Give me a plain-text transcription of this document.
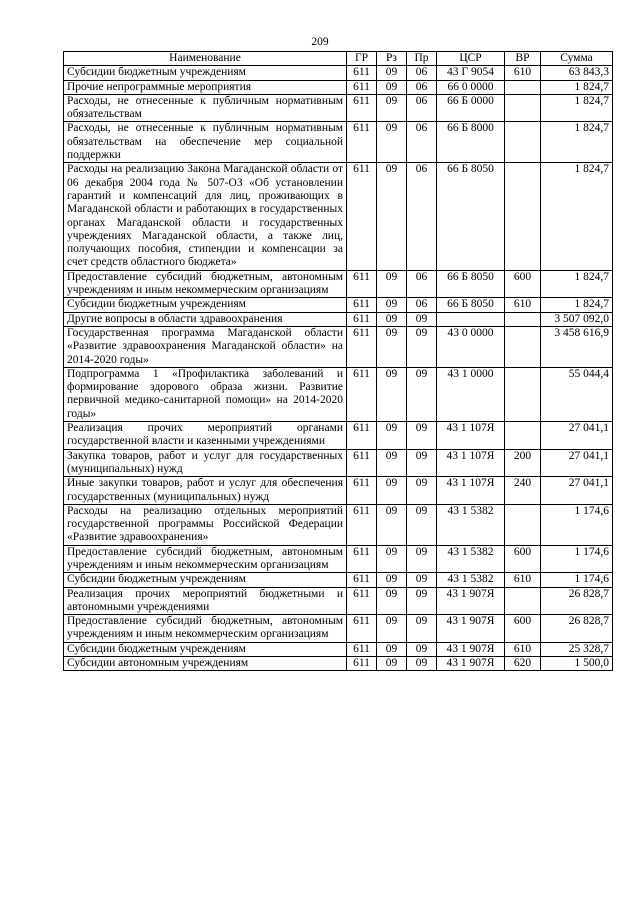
209
Наименование	ГР	Рз	Пр	ЦСР	ВР	Сумма
Субсидии бюджетным учреждениям	611	09	06	43 Г 9054	610	63 843,3
Прочие непрограммные мероприятия	611	09	06	66 0 0000		1 824,7
Расходы, не отнесенные к публичным нормативным обязательствам	611	09	06	66 Б 0000		1 824,7
Расходы, не отнесенные к публичным нормативным обязательствам на обеспечение мер социальной поддержки	611	09	06	66 Б 8000		1 824,7
Расходы на реализацию Закона Магаданской области от 06 декабря 2004 года № 507-ОЗ «Об установлении гарантий и компенсаций для лиц, проживающих в Магаданской области и работающих в государственных органах Магаданской области и государственных учреждениях Магаданской области, а также лиц, получающих пособия, стипендии и компенсации за счет средств областного бюджета»	611	09	06	66 Б 8050		1 824,7
Предоставление субсидий бюджетным, автономным учреждениям и иным некоммерческим организациям	611	09	06	66 Б 8050	600	1 824,7
Субсидии бюджетным учреждениям	611	09	06	66 Б 8050	610	1 824,7
Другие вопросы в области здравоохранения	611	09	09			3 507 092,0
Государственная программа Магаданской области «Развитие здравоохранения Магаданской области» на 2014-2020 годы»	611	09	09	43 0 0000		3 458 616,9
Подпрограмма 1 «Профилактика заболеваний и формирование здорового образа жизни. Развитие первичной медико-санитарной помощи» на 2014-2020 годы»	611	09	09	43 1 0000		55 044,4
Реализация прочих мероприятий органами государственной власти и казенными учреждениями	611	09	09	43 1 107Я		27 041,1
Закупка товаров, работ и услуг для государственных (муниципальных) нужд	611	09	09	43 1 107Я	200	27 041,1
Иные закупки товаров, работ и услуг для обеспечения государственных (муниципальных) нужд	611	09	09	43 1 107Я	240	27 041,1
Расходы на реализацию отдельных мероприятий государственной программы Российской Федерации «Развитие здравоохранения»	611	09	09	43 1 5382		1 174,6
Предоставление субсидий бюджетным, автономным учреждениям и иным некоммерческим организациям	611	09	09	43 1 5382	600	1 174,6
Субсидии бюджетным учреждениям	611	09	09	43 1 5382	610	1 174,6
Реализация прочих мероприятий бюджетными и автономными учреждениями	611	09	09	43 1 907Я		26 828,7
Предоставление субсидий бюджетным, автономным учреждениям и иным некоммерческим организациям	611	09	09	43 1 907Я	600	26 828,7
Субсидии бюджетным учреждениям	611	09	09	43 1 907Я	610	25 328,7
Субсидии автономным учреждениям	611	09	09	43 1 907Я	620	1 500,0
